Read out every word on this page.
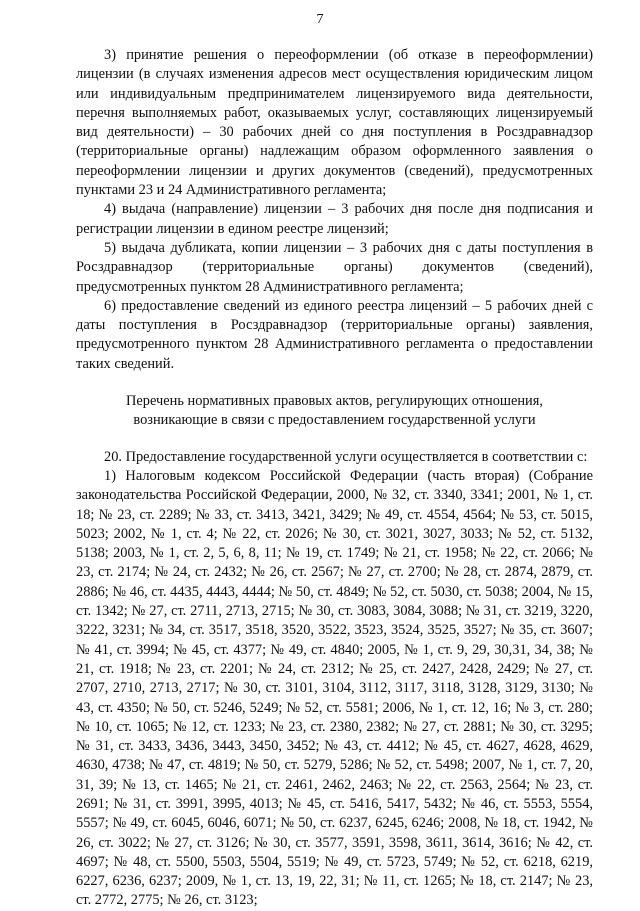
7

3) принятие решения о переоформлении (об отказе в переоформлении) лицензии (в случаях изменения адресов мест осуществления юридическим лицом или индивидуальным предпринимателем лицензируемого вида деятельности, перечня выполняемых работ, оказываемых услуг, составляющих лицензируемый вид деятельности) – 30 рабочих дней со дня поступления в Росздравнадзор (территориальные органы) надлежащим образом оформленного заявления о переоформлении лицензии и других документов (сведений), предусмотренных пунктами 23 и 24 Административного регламента;

4) выдача (направление) лицензии – 3 рабочих дня после дня подписания и регистрации лицензии в едином реестре лицензий;

5) выдача дубликата, копии лицензии – 3 рабочих дня с даты поступления в Росздравнадзор (территориальные органы) документов (сведений), предусмотренных пунктом 28 Административного регламента;

6) предоставление сведений из единого реестра лицензий – 5 рабочих дней с даты поступления в Росздравнадзор (территориальные органы) заявления, предусмотренного пунктом 28 Административного регламента о предоставлении таких сведений.

Перечень нормативных правовых актов, регулирующих отношения,
возникающие в связи с предоставлением государственной услуги

20. Предоставление государственной услуги осуществляется в соответствии с:

1) Налоговым кодексом Российской Федерации (часть вторая) (Собрание законодательства Российской Федерации, 2000, № 32, ст. 3340, 3341; 2001, № 1, ст. 18; № 23, ст. 2289; № 33, ст. 3413, 3421, 3429; № 49, ст. 4554, 4564; № 53, ст. 5015, 5023; 2002, № 1, ст. 4; № 22, ст. 2026; № 30, ст. 3021, 3027, 3033; № 52, ст. 5132, 5138; 2003, № 1, ст. 2, 5, 6, 8, 11; № 19, ст. 1749; № 21, ст. 1958; № 22, ст. 2066; № 23, ст. 2174; № 24, ст. 2432; № 26, ст. 2567; № 27, ст. 2700; № 28, ст. 2874, 2879, ст. 2886; № 46, ст. 4435, 4443, 4444; № 50, ст. 4849; № 52, ст. 5030, ст. 5038; 2004, № 15, ст. 1342; № 27, ст. 2711, 2713, 2715; № 30, ст. 3083, 3084, 3088; № 31, ст. 3219, 3220, 3222, 3231; № 34, ст. 3517, 3518, 3520, 3522, 3523, 3524, 3525, 3527; № 35, ст. 3607; № 41, ст. 3994; № 45, ст. 4377; № 49, ст. 4840; 2005, № 1, ст. 9, 29, 30,31, 34, 38; № 21, ст. 1918; № 23, ст. 2201; № 24, ст. 2312; № 25, ст. 2427, 2428, 2429; № 27, ст. 2707, 2710, 2713, 2717; № 30, ст. 3101, 3104, 3112, 3117, 3118, 3128, 3129, 3130; № 43, ст. 4350; № 50, ст. 5246, 5249; № 52, ст. 5581; 2006, № 1, ст. 12, 16; № 3, ст. 280; № 10, ст. 1065; № 12, ст. 1233; № 23, ст. 2380, 2382; № 27, ст. 2881; № 30, ст. 3295; № 31, ст. 3433, 3436, 3443, 3450, 3452; № 43, ст. 4412; № 45, ст. 4627, 4628, 4629, 4630, 4738; № 47, ст. 4819; № 50, ст. 5279, 5286; № 52, ст. 5498; 2007, № 1, ст. 7, 20, 31, 39; № 13, ст. 1465; № 21, ст. 2461, 2462, 2463; № 22, ст. 2563, 2564; № 23, ст. 2691; № 31, ст. 3991, 3995, 4013; № 45, ст. 5416, 5417, 5432; № 46, ст. 5553, 5554, 5557; № 49, ст. 6045, 6046, 6071; № 50, ст. 6237, 6245, 6246; 2008, № 18, ст. 1942, № 26, ст. 3022; № 27, ст. 3126; № 30, ст. 3577, 3591, 3598, 3611, 3614, 3616; № 42, ст. 4697; № 48, ст. 5500, 5503, 5504, 5519; № 49, ст. 5723, 5749; № 52, ст. 6218, 6219, 6227, 6236, 6237; 2009, № 1, ст. 13, 19, 22, 31; № 11, ст. 1265; № 18, ст. 2147; № 23, ст. 2772, 2775; № 26, ст. 3123;
